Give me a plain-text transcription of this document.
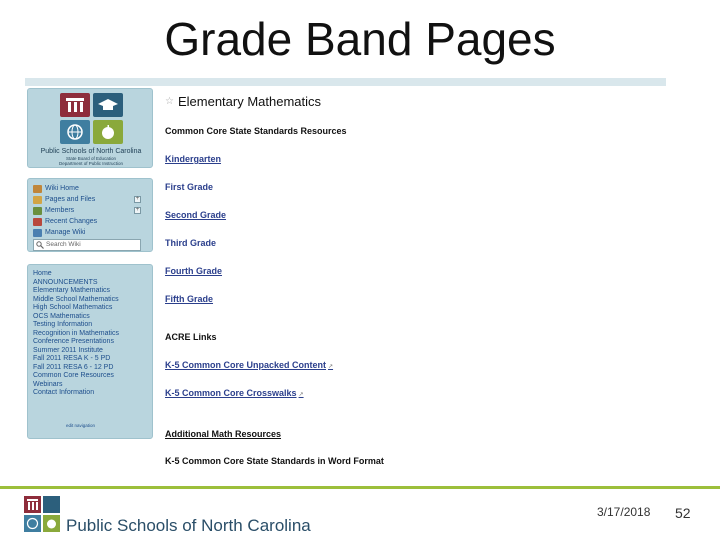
Grade Band Pages
Public Schools of North Carolina
State Board of Education
Department of Public Instruction
Wiki Home
Pages and Files	+
Members	+
Recent Changes
Manage Wiki
Search Wiki
Home
ANNOUNCEMENTS
Elementary Mathematics
Middle School Mathematics
High School Mathematics
OCS Mathematics
Testing Information
Recognition in Mathematics
Conference Presentations
Summer 2011 Institute
Fall 2011 RESA K - 5 PD
Fall 2011 RESA 6 - 12 PD
Common Core Resources
Webinars
Contact Information
edit navigation
☆ Elementary Mathematics
Common Core State Standards Resources
Kindergarten
First Grade
Second Grade
Third Grade
Fourth Grade
Fifth Grade
ACRE Links
K-5 Common Core Unpacked Content ↗
K-5 Common Core Crosswalks ↗
Additional Math Resources
K-5 Common Core State Standards in Word Format
Public Schools of North Carolina
3/17/2018 52
